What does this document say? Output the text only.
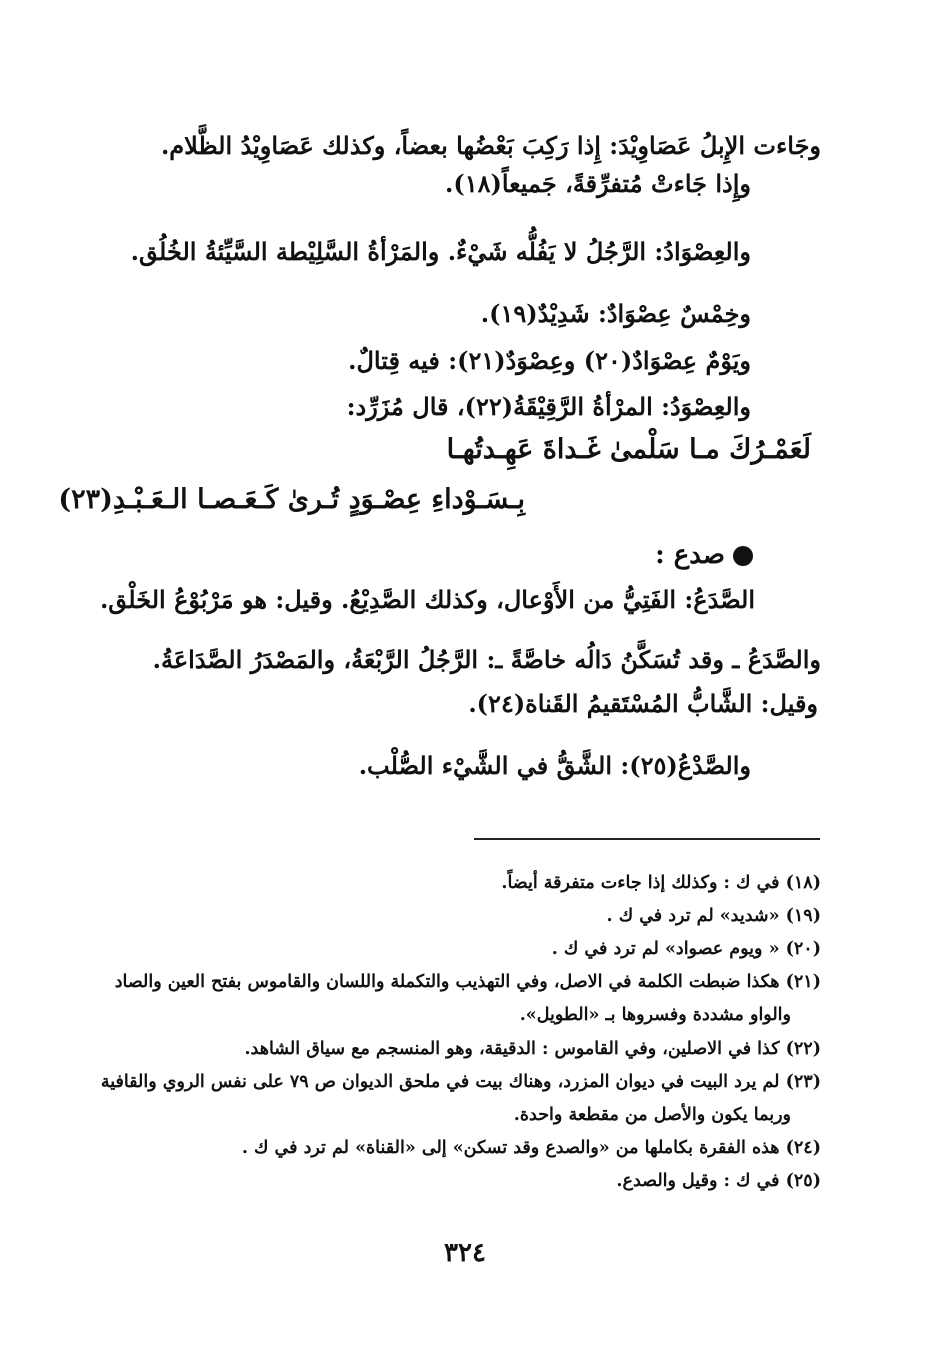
وجَاءت الإِبلُ عَصَاوِيْدَ: إِذا رَكِبَ بَعْضُها بعضاً، وكذلك عَصَاوِيْدُ الظَّلام.
وإِذا جَاءتْ مُتفرِّقةً، جَميعاً(١٨).
والعِصْوَادُ: الرَّجُلُ لا يَفُلُّه شَيْءٌ. والمَرْأةُ السَّلِيْطة السَّيِّئةُ الخُلُق.
وخِمْسٌ عِصْوَادٌ: شَدِيْدٌ(١٩).
ويَوْمٌ عِصْوَادٌ(٢٠) وعِصْوَدٌ(٢١): فيه قِتالٌ.
والعِصْوَدُ: المرْأةُ الرَّقِيْقَةُ(٢٢)، قال مُزَرِّد:
لَعَمْـرُكَ مـا سَلْمىٰ غَـداةَ عَهِـدتُهـا
بِـسَـوْداءِ عِصْـوَدٍ تُـرىٰ كَـعَـصـا الـعَـبْـدِ(٢٣)
صدع :
الصَّدَعُ: الفَتِيُّ من الأَوْعال، وكذلك الصَّدِيْعُ. وقيل: هو مَرْبُوْعُ الخَلْق.
والصَّدَعُ ـ وقد تُسَكَّنُ دَالُه خاصَّةً ـ: الرَّجُلُ الرَّبْعَةُ، والمَصْدَرُ الصَّدَاعَةُ.
وقيل: الشَّابُّ المُسْتَقيمُ القَناة(٢٤).
والصَّدْعُ(٢٥): الشَّقُّ في الشَّيْء الصُّلْب.
(١٨) في ك : وكذلك إذا جاءت متفرقة أيضاً.
(١٩) «شديد» لم ترد في ك .
(٢٠) « ويوم عصواد» لم ترد في ك .
(٢١) هكذا ضبطت الكلمة في الاصل، وفي التهذيب والتكملة واللسان والقاموس بفتح العين والصاد
والواو مشددة وفسروها بـ «الطويل».
(٢٢) كذا في الاصلين، وفي القاموس : الدقيقة، وهو المنسجم مع سياق الشاهد.
(٢٣) لم يرد البيت في ديوان المزرد، وهناك بيت في ملحق الديوان ص ٧٩ على نفس الروي والقافية
وربما يكون والأصل من مقطعة واحدة.
(٢٤) هذه الفقرة بكاملها من «والصدع وقد تسكن» إلى «القناة» لم ترد في ك .
(٢٥) في ك : وقيل والصدع.
٣٢٤
